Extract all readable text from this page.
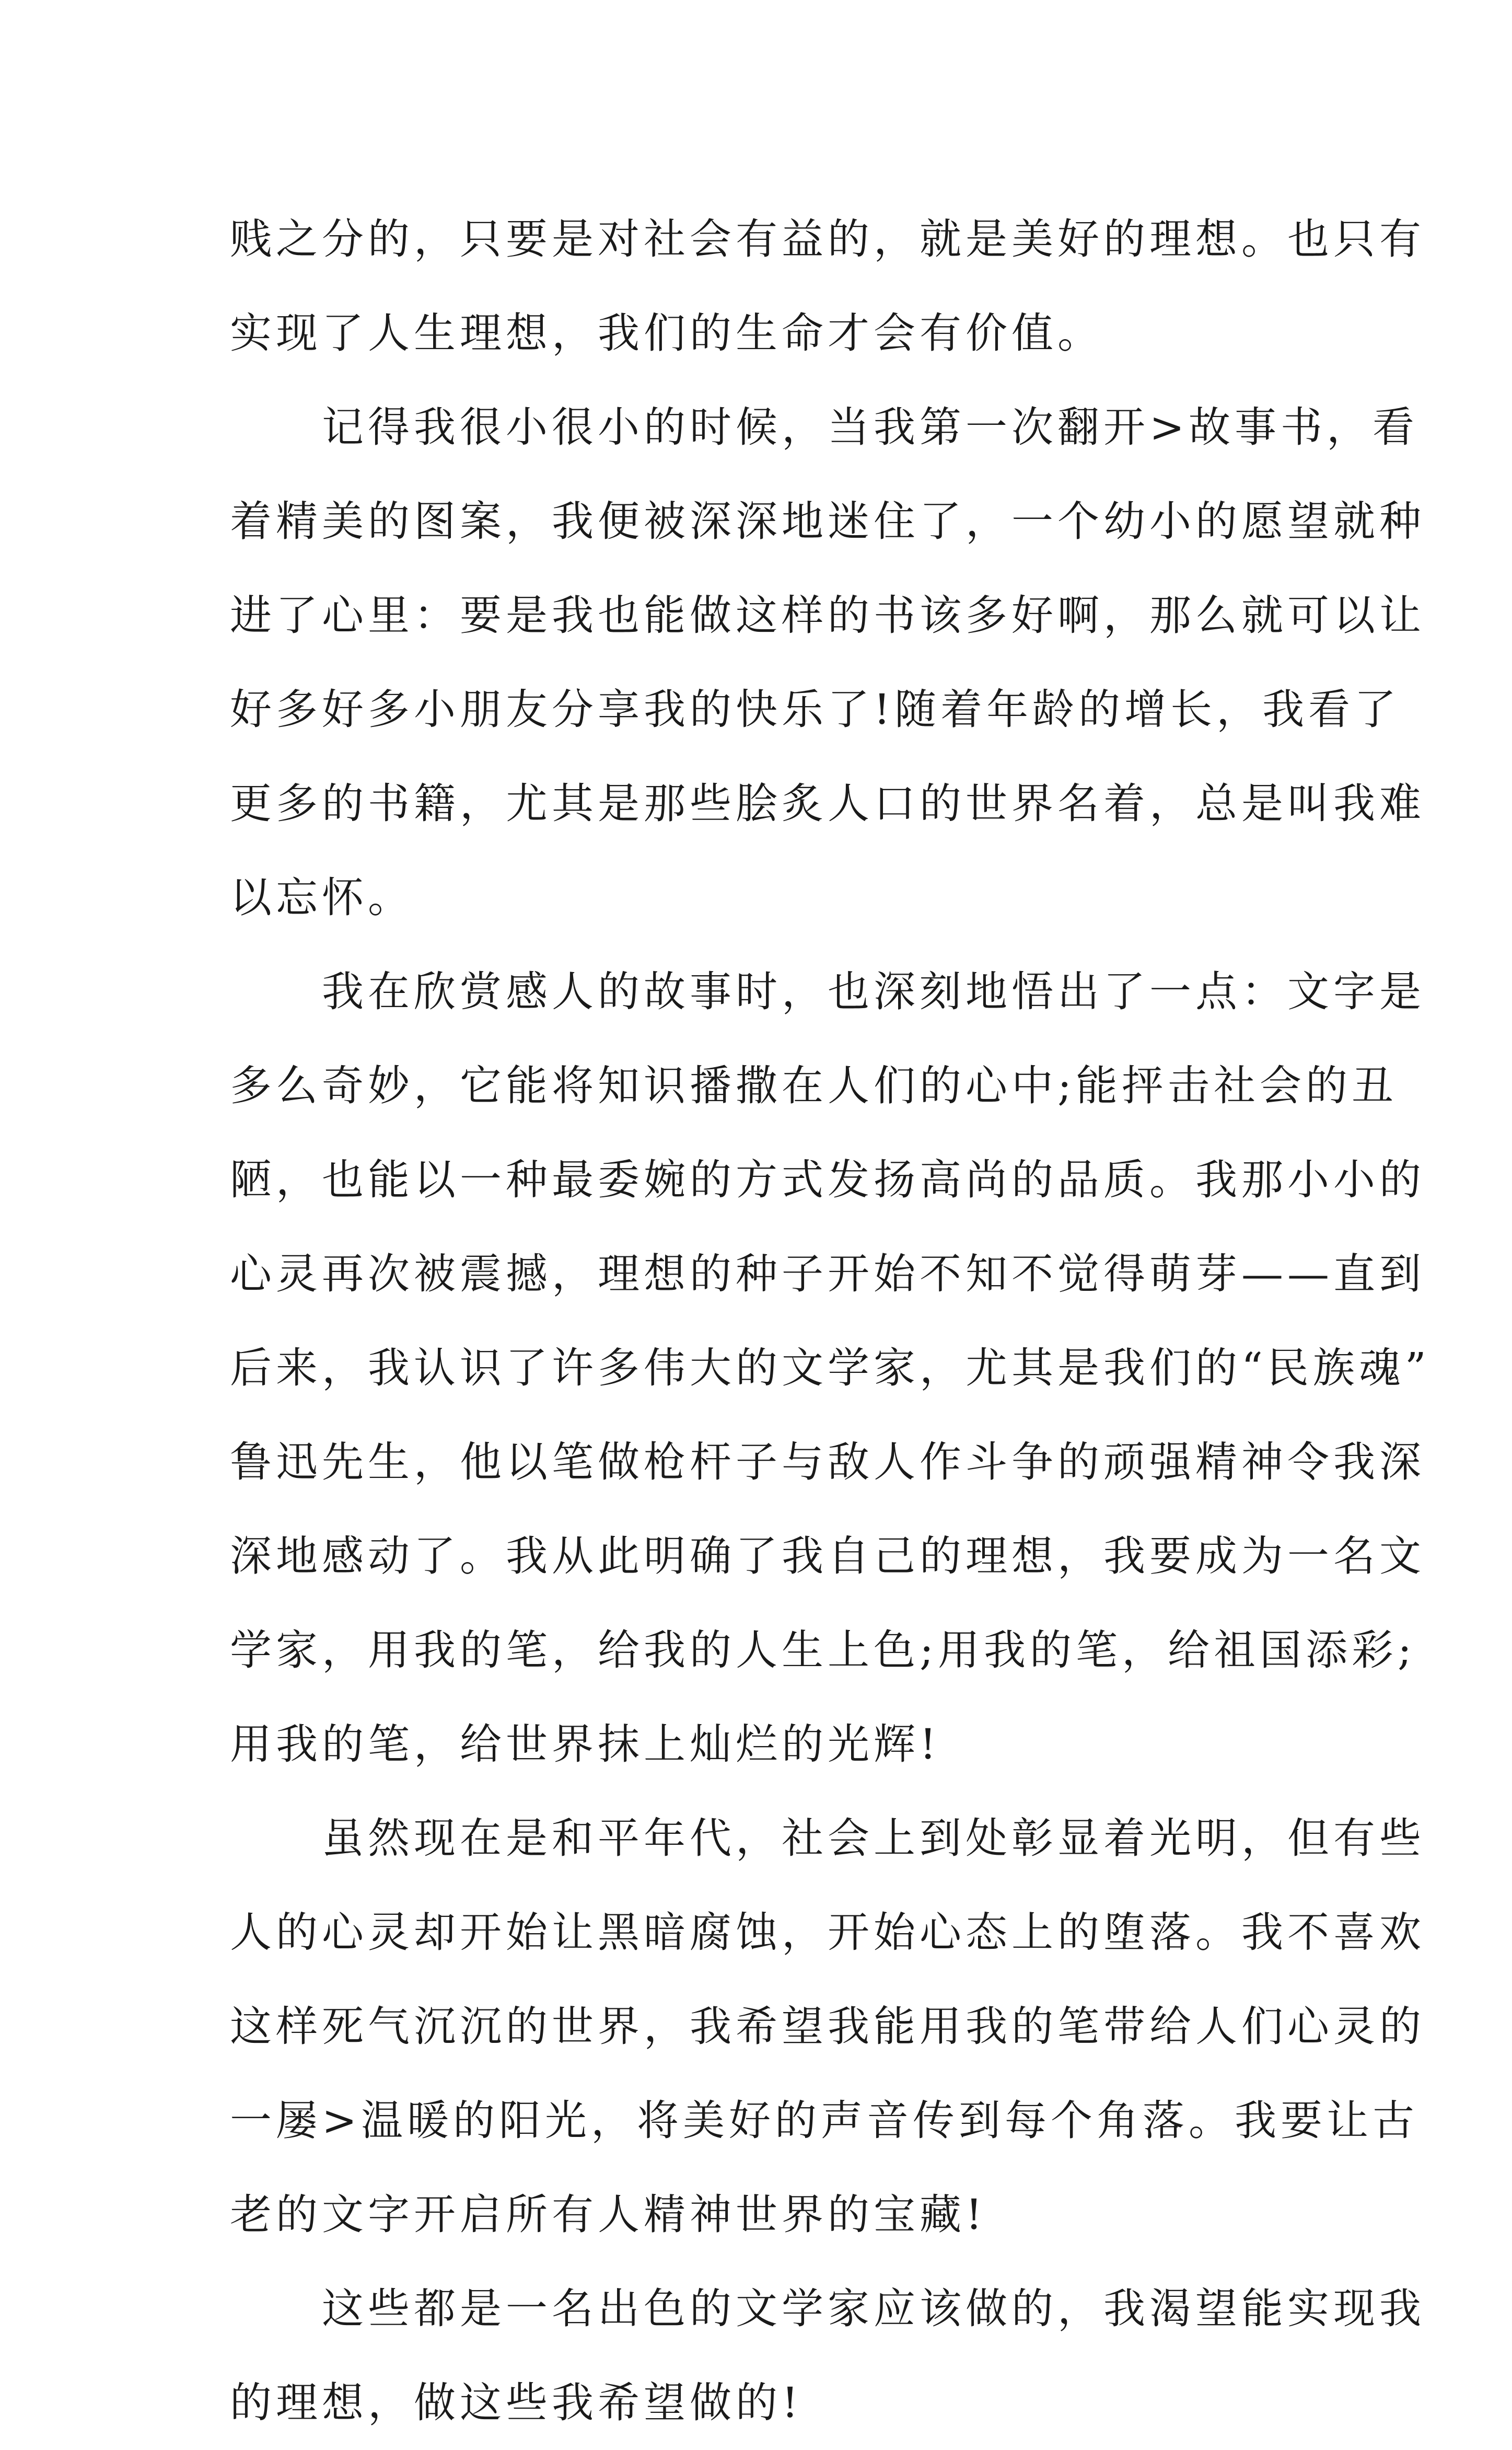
贱之分的，只要是对社会有益的，就是美好的理想。也只有
实现了人生理想，我们的生命才会有价值。
　　记得我很小很小的时候，当我第一次翻开>故事书，看
着精美的图案，我便被深深地迷住了，一个幼小的愿望就种
进了心里：要是我也能做这样的书该多好啊，那么就可以让
好多好多小朋友分享我的快乐了!随着年龄的增长，我看了
更多的书籍，尤其是那些脍炙人口的世界名着，总是叫我难
以忘怀。
　　我在欣赏感人的故事时，也深刻地悟出了一点：文字是
多么奇妙，它能将知识播撒在人们的心中;能抨击社会的丑
陋，也能以一种最委婉的方式发扬高尚的品质。我那小小的
心灵再次被震撼，理想的种子开始不知不觉得萌芽——直到
后来，我认识了许多伟大的文学家，尤其是我们的“民族魂”
鲁迅先生，他以笔做枪杆子与敌人作斗争的顽强精神令我深
深地感动了。我从此明确了我自己的理想，我要成为一名文
学家，用我的笔，给我的人生上色;用我的笔，给祖国添彩;
用我的笔，给世界抹上灿烂的光辉!
　　虽然现在是和平年代，社会上到处彰显着光明，但有些
人的心灵却开始让黑暗腐蚀，开始心态上的堕落。我不喜欢
这样死气沉沉的世界，我希望我能用我的笔带给人们心灵的
一屡>温暖的阳光，将美好的声音传到每个角落。我要让古
老的文字开启所有人精神世界的宝藏!
　　这些都是一名出色的文学家应该做的，我渴望能实现我
的理想，做这些我希望做的!
